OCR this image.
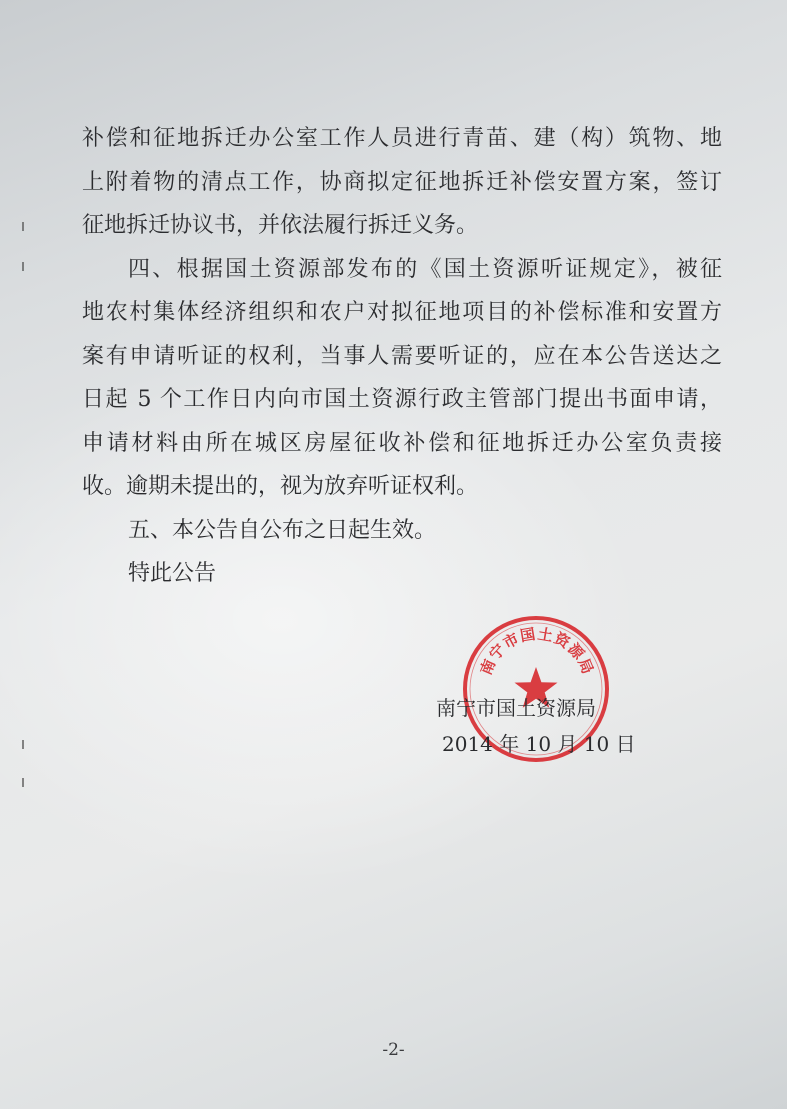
补偿和征地拆迁办公室工作人员进行青苗、建（构）筑物、地
上附着物的清点工作，协商拟定征地拆迁补偿安置方案，签订
征地拆迁协议书，并依法履行拆迁义务。
四、根据国土资源部发布的《国土资源听证规定》，被征
地农村集体经济组织和农户对拟征地项目的补偿标准和安置方
案有申请听证的权利，当事人需要听证的，应在本公告送达之
日起 5 个工作日内向市国土资源行政主管部门提出书面申请，
申请材料由所在城区房屋征收补偿和征地拆迁办公室负责接
收。逾期未提出的，视为放弃听证权利。
五、本公告自公布之日起生效。
特此公告
南宁市国土资源局
南宁市国土资源局
2014 年 10 月 10 日
-2-
